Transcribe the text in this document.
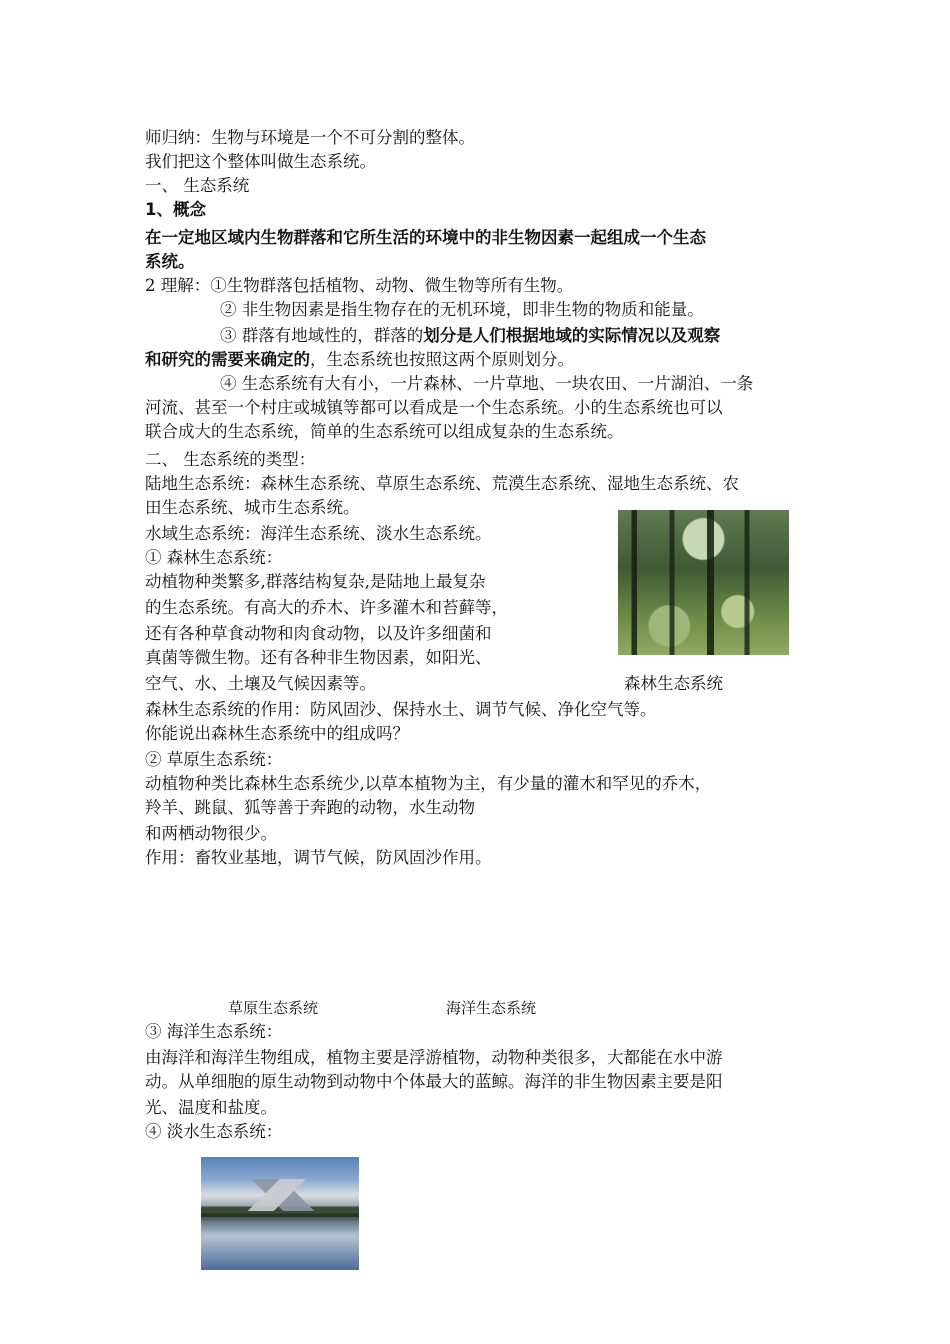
师归纳：生物与环境是一个不可分割的整体。
我们把这个整体叫做生态系统。
一、 生态系统
1、概念
在一定地区域内生物群落和它所生活的环境中的非生物因素一起组成一个生态
系统。
2 理解：①生物群落包括植物、动物、微生物等所有生物。
② 非生物因素是指生物存在的无机环境，即非生物的物质和能量。
③ 群落有地域性的，群落的划分是人们根据地域的实际情况以及观察
和研究的需要来确定的，生态系统也按照这两个原则划分。
④ 生态系统有大有小，一片森林、一片草地、一块农田、一片湖泊、一条
河流、甚至一个村庄或城镇等都可以看成是一个生态系统。小的生态系统也可以
联合成大的生态系统，简单的生态系统可以组成复杂的生态系统。
二、 生态系统的类型：
陆地生态系统：森林生态系统、草原生态系统、荒漠生态系统、湿地生态系统、农
田生态系统、城市生态系统。
水域生态系统：海洋生态系统、淡水生态系统。
① 森林生态系统：
动植物种类繁多,群落结构复杂,是陆地上最复杂
的生态系统。有高大的乔木、许多灌木和苔藓等，
还有各种草食动物和肉食动物，以及许多细菌和
真菌等微生物。还有各种非生物因素，如阳光、
空气、水、土壤及气候因素等。	森林生态系统
森林生态系统的作用：防风固沙、保持水土、调节气候、净化空气等。
你能说出森林生态系统中的组成吗？
② 草原生态系统：
动植物种类比森林生态系统少,以草本植物为主，有少量的灌木和罕见的乔木，
羚羊、跳鼠、狐等善于奔跑的动物，水生动物
和两栖动物很少。
作用：畜牧业基地，调节气候，防风固沙作用。
草原生态系统	海洋生态系统
③ 海洋生态系统：
由海洋和海洋生物组成，植物主要是浮游植物，动物种类很多，大都能在水中游
动。从单细胞的原生动物到动物中个体最大的蓝鲸。海洋的非生物因素主要是阳
光、温度和盐度。
④ 淡水生态系统：
